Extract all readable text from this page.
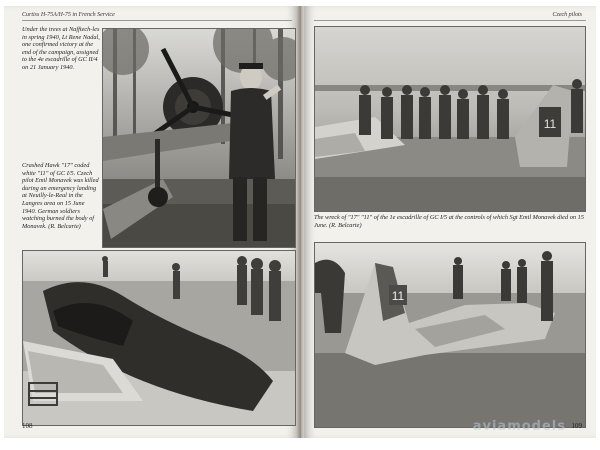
Curtiss H-75A/H-75 in French Service
Under the trees at Nafftech-les in spring 1940, Lt Rene Nadal, one confirmed victory at the end of the campaign, assigned to the 4e escadrille of GC II/4 on 21 January 1940.
Crashed Hawk "17" coded white "11" of GC I/5. Czech pilot Emil Monavek was killed during an emergency landing at Neuilly-le-Real in the Langres area on 15 June 1940. German soldiers watching burned the body of Monavek. (R. Belcarte)
108
Czech pilots
11
The wreck of "17" "11" of the 1e escadrille of GC I/5 at the controls of which Sgt Emil Monavek died on 15 June. (R. Belcarte)
11
109
aviamodels
